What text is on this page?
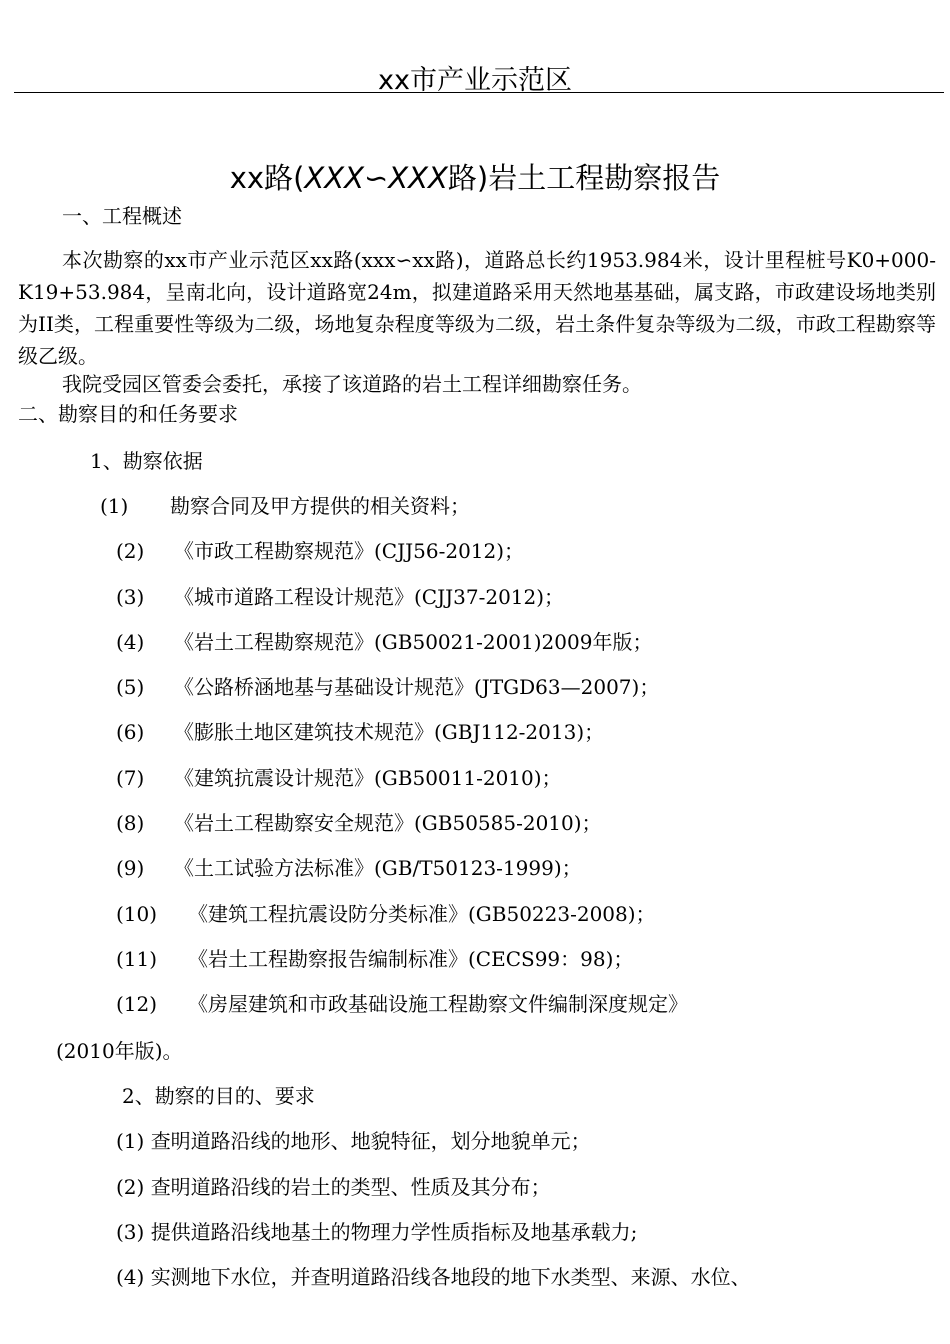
xx市产业示范区
xx路(XXX∽XXX路)岩土工程勘察报告
一、工程概述
本次勘察的xx市产业示范区xx路(xxx∽xx路)，道路总长约1953.984米，设计里程桩号K0+000-K19+53.984，呈南北向，设计道路宽24m，拟建道路采用天然地基基础，属支路，市政建设场地类别为II类，工程重要性等级为二级，场地复杂程度等级为二级，岩土条件复杂等级为二级，市政工程勘察等级乙级。
我院受园区管委会委托，承接了该道路的岩土工程详细勘察任务。
二、勘察目的和任务要求
1、勘察依据
(1) 勘察合同及甲方提供的相关资料；
(2) 《市政工程勘察规范》(CJJ56-2012)；
(3) 《城市道路工程设计规范》(CJJ37-2012)；
(4) 《岩土工程勘察规范》(GB50021-2001)2009年版；
(5) 《公路桥涵地基与基础设计规范》(JTGD63—2007)；
(6) 《膨胀土地区建筑技术规范》(GBJ112-2013)；
(7) 《建筑抗震设计规范》(GB50011-2010)；
(8) 《岩土工程勘察安全规范》(GB50585-2010)；
(9) 《土工试验方法标准》(GB/T50123-1999)；
(10) 《建筑工程抗震设防分类标准》(GB50223-2008)；
(11) 《岩土工程勘察报告编制标准》(CECS99：98)；
(12) 《房屋建筑和市政基础设施工程勘察文件编制深度规定》
(2010年版)。
2、勘察的目的、要求
(1) 查明道路沿线的地形、地貌特征，划分地貌单元；
(2) 查明道路沿线的岩土的类型、性质及其分布；
(3) 提供道路沿线地基土的物理力学性质指标及地基承载力;
(4) 实测地下水位，并查明道路沿线各地段的地下水类型、来源、水位、
